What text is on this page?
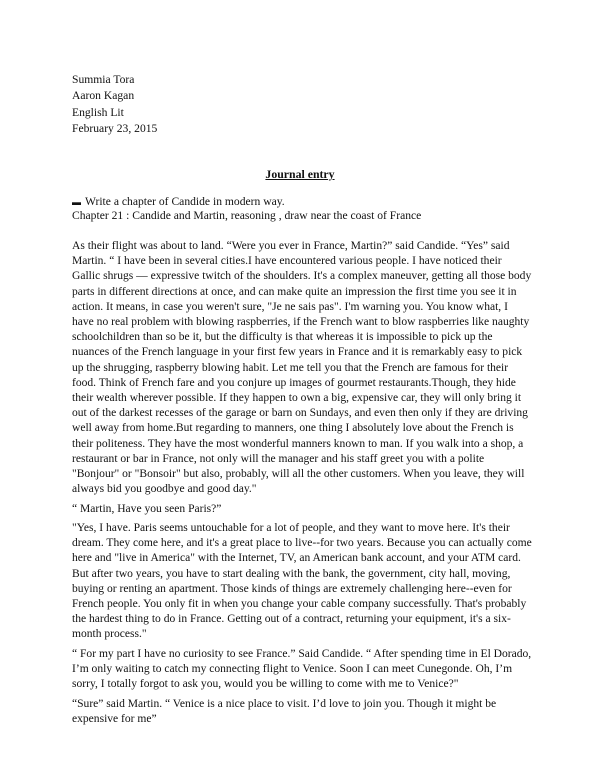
Summia Tora
Aaron Kagan
English Lit
February 23, 2015
Journal entry
▬ Write a chapter of Candide in modern way.
Chapter 21 : Candide and Martin, reasoning , draw near the coast of France

As their flight was about to land. “Were you ever in France, Martin?” said Candide. “Yes” said Martin. “ I have been in several cities.I have encountered various people. I have noticed their Gallic shrugs — expressive twitch of the shoulders. It's a complex maneuver, getting all those body parts in different directions at once, and can make quite an impression the first time you see it in action. It means, in case you weren't sure, "Je ne sais pas". I'm warning you. You know what, I have no real problem with blowing raspberries, if the French want to blow raspberries like naughty schoolchildren than so be it, but the difficulty is that whereas it is impossible to pick up the nuances of the French language in your first few years in France and it is remarkably easy to pick up the shrugging, raspberry blowing habit. Let me tell you that the French are famous for their food. Think of French fare and you conjure up images of gourmet restaurants.Though, they hide their wealth wherever possible. If they happen to own a big, expensive car, they will only bring it out of the darkest recesses of the garage or barn on Sundays, and even then only if they are driving well away from home.But regarding to manners, one thing I absolutely love about the French is their politeness. They have the most wonderful manners known to man. If you walk into a shop, a restaurant or bar in France, not only will the manager and his staff greet you with a polite "Bonjour" or "Bonsoir" but also, probably, will all the other customers. When you leave, they will always bid you goodbye and good day."

“ Martin, Have you seen Paris?”

"Yes, I have. Paris seems untouchable for a lot of people, and they want to move here. It's their dream. They come here, and it's a great place to live--for two years. Because you can actually come here and "live in America" with the Internet, TV, an American bank account, and your ATM card. But after two years, you have to start dealing with the bank, the government, city hall, moving, buying or renting an apartment. Those kinds of things are extremely challenging here--even for French people. You only fit in when you change your cable company successfully. That's probably the hardest thing to do in France. Getting out of a contract, returning your equipment, it's a six-month process."

“ For my part I have no curiosity to see France.” Said Candide. “ After spending time in El Dorado, I’m only waiting to catch my connecting flight to Venice. Soon I can meet Cunegonde. Oh, I’m sorry, I totally forgot to ask you, would you be willing to come with me to Venice?"

“Sure” said Martin. “ Venice is a nice place to visit. I’d love to join you. Though it might be expensive for me”
